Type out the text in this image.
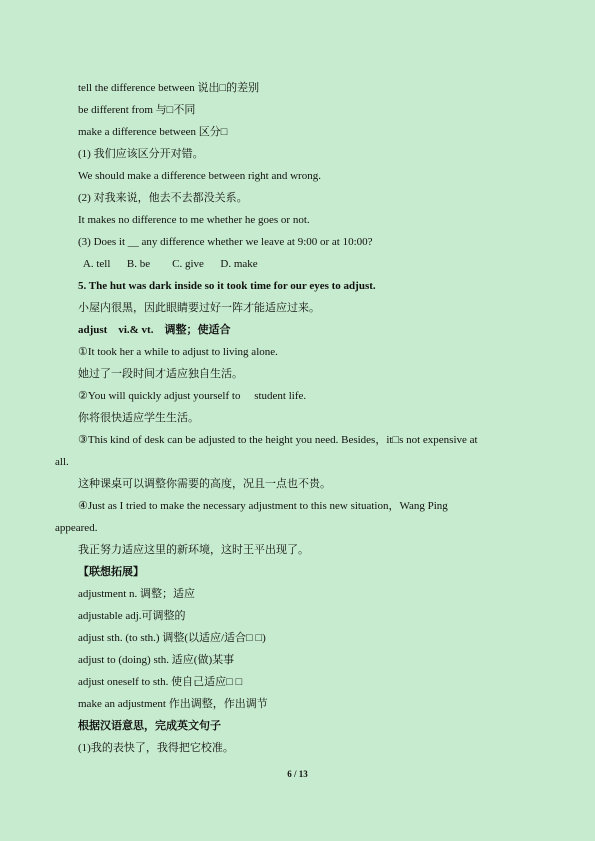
tell the difference between 说出□的差别
be different from 与□不同
make a difference between 区分□
(1) 我们应该区分开对错。
We should make a difference between right and wrong.
(2) 对我来说，他去不去都没关系。
It makes no difference to me whether he goes or not.
(3) Does it __ any difference whether we leave at 9:00 or at 10:00?
A. tell      B. be        C. give      D. make
5. The hut was dark inside so it took time for our eyes to adjust.
小屋内很黑，因此眼睛要过好一阵才能适应过来。
adjust    vi.& vt.    调整；使适合
①It took her a while to adjust to living alone.
她过了一段时间才适应独自生活。
②You will quickly adjust yourself to     student life.
你将很快适应学生生活。
③This kind of desk can be adjusted to the height you need. Besides，it□s not expensive at
all.
这种课桌可以调整你需要的高度，况且一点也不贵。
④Just as I tried to make the necessary adjustment to this new situation，Wang Ping
appeared.
我正努力适应这里的新环境，这时王平出现了。
【联想拓展】
adjustment n. 调整；适应
adjustable adj.可调整的
adjust sth. (to sth.) 调整(以适应/适合□ □)
adjust to (doing) sth. 适应(做)某事
adjust oneself to sth. 使自己适应□ □
make an adjustment 作出调整，作出调节
根据汉语意思，完成英文句子
(1)我的表快了，我得把它校准。
6 / 13
